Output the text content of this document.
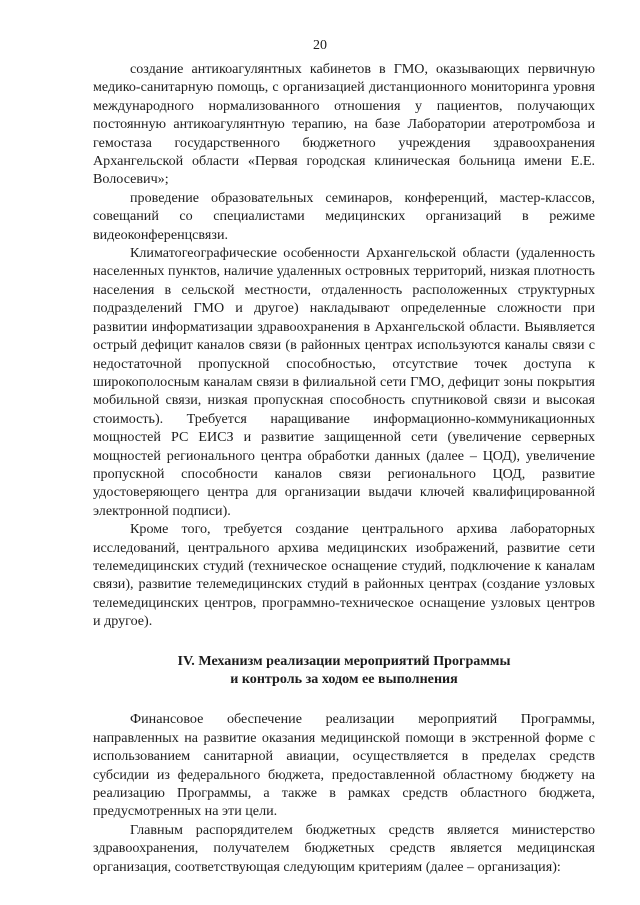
20

создание антикоагулянтных кабинетов в ГМО, оказывающих первичную медико-санитарную помощь, с организацией дистанционного мониторинга уровня международного нормализованного отношения у пациентов, получающих постоянную антикоагулянтную терапию, на базе Лаборатории атеротромбоза и гемостаза государственного бюджетного учреждения здравоохранения Архангельской области «Первая городская клиническая больница имени Е.Е. Волосевич»;

проведение образовательных семинаров, конференций, мастер-классов, совещаний со специалистами медицинских организаций в режиме видеоконференцсвязи.

Климатогеографические особенности Архангельской области (удаленность населенных пунктов, наличие удаленных островных территорий, низкая плотность населения в сельской местности, отдаленность расположенных структурных подразделений ГМО и другое) накладывают определенные сложности при развитии информатизации здравоохранения в Архангельской области. Выявляется острый дефицит каналов связи (в районных центрах используются каналы связи с недостаточной пропускной способностью, отсутствие точек доступа к широкополосным каналам связи в филиальной сети ГМО, дефицит зоны покрытия мобильной связи, низкая пропускная способность спутниковой связи и высокая стоимость). Требуется наращивание информационно-коммуникационных мощностей РС ЕИСЗ и развитие защищенной сети (увеличение серверных мощностей регионального центра обработки данных (далее – ЦОД), увеличение пропускной способности каналов связи регионального ЦОД, развитие удостоверяющего центра для организации выдачи ключей квалифицированной электронной подписи).

Кроме того, требуется создание центрального архива лабораторных исследований, центрального архива медицинских изображений, развитие сети телемедицинских студий (техническое оснащение студий, подключение к каналам связи), развитие телемедицинских студий в районных центрах (создание узловых телемедицинских центров, программно-техническое оснащение узловых центров и другое).

IV. Механизм реализации мероприятий Программы
и контроль за ходом ее выполнения

Финансовое обеспечение реализации мероприятий Программы, направленных на развитие оказания медицинской помощи в экстренной форме с использованием санитарной авиации, осуществляется в пределах средств субсидии из федерального бюджета, предоставленной областному бюджету на реализацию Программы, а также в рамках средств областного бюджета, предусмотренных на эти цели.

Главным распорядителем бюджетных средств является министерство здравоохранения, получателем бюджетных средств является медицинская организация, соответствующая следующим критериям (далее – организация):
